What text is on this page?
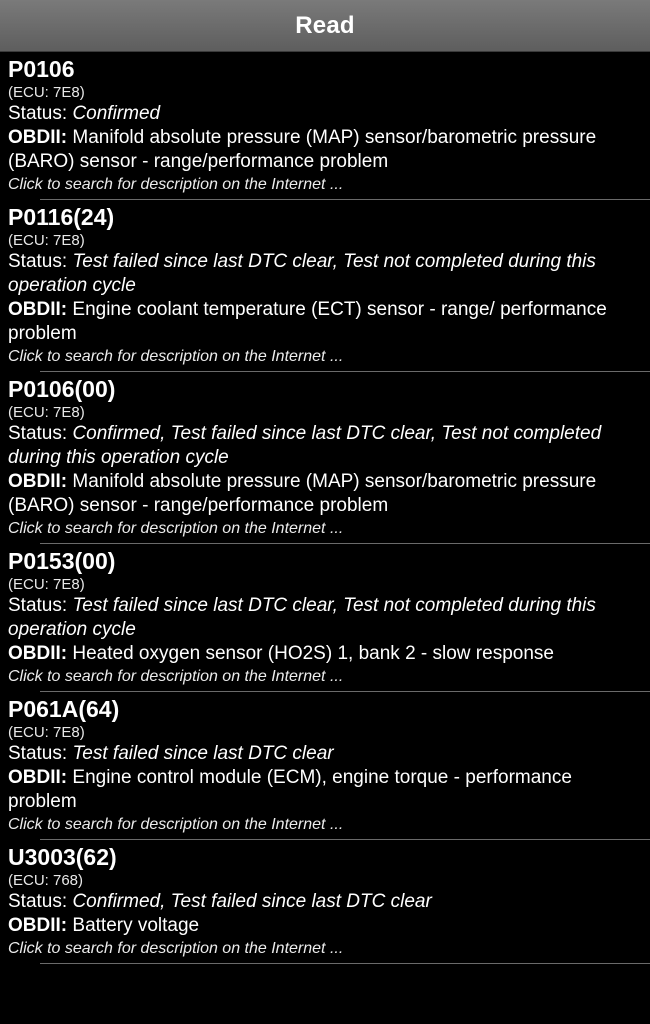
Read
P0106
(ECU: 7E8)
Status: Confirmed
OBDII: Manifold absolute pressure (MAP) sensor/barometric pressure (BARO) sensor - range/performance problem
Click to search for description on the Internet ...
P0116(24)
(ECU: 7E8)
Status: Test failed since last DTC clear, Test not completed during this operation cycle
OBDII: Engine coolant temperature (ECT) sensor - range/ performance problem
Click to search for description on the Internet ...
P0106(00)
(ECU: 7E8)
Status: Confirmed, Test failed since last DTC clear, Test not completed during this operation cycle
OBDII: Manifold absolute pressure (MAP) sensor/barometric pressure (BARO) sensor - range/performance problem
Click to search for description on the Internet ...
P0153(00)
(ECU: 7E8)
Status: Test failed since last DTC clear, Test not completed during this operation cycle
OBDII: Heated oxygen sensor (HO2S) 1, bank 2 - slow response
Click to search for description on the Internet ...
P061A(64)
(ECU: 7E8)
Status: Test failed since last DTC clear
OBDII: Engine control module (ECM), engine torque - performance problem
Click to search for description on the Internet ...
U3003(62)
(ECU: 768)
Status: Confirmed, Test failed since last DTC clear
OBDII: Battery voltage
Click to search for description on the Internet ...
